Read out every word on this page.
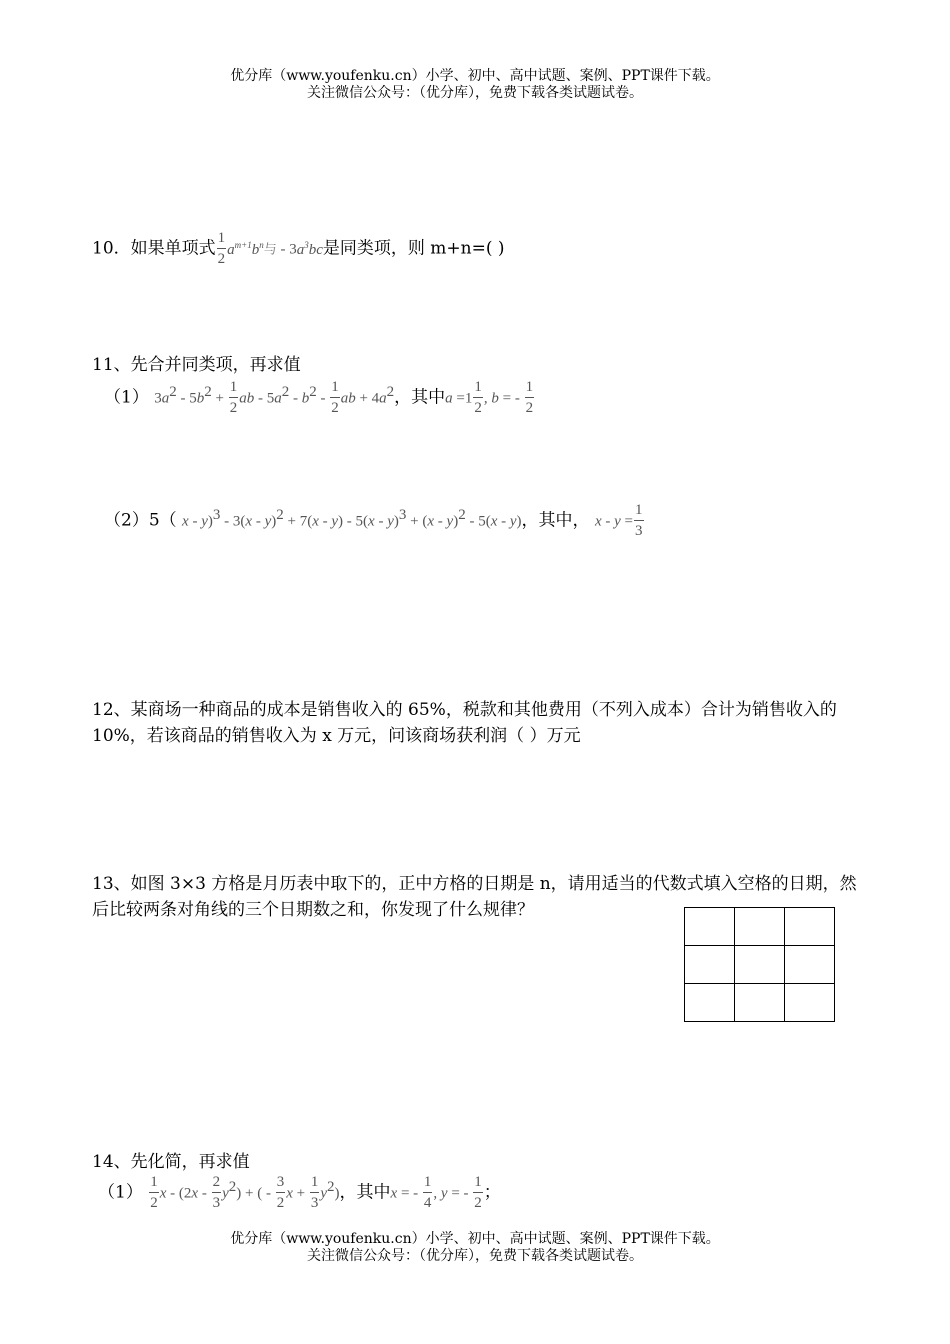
优分库（www.youfenku.cn）小学、初中、高中试题、案例、PPT课件下载。
关注微信公众号：（优分库），免费下载各类试题试卷。
10．如果单项式 $\frac{1}{2} a^{m+1}b^n$与 - $3a^3bc$是同类项，则 m+n=( )
11、先合并同类项，再求值
（1） $3a^2 - 5b^2 + \frac{1}{2}$ ab - $5a^2 - b^2 - \frac{1}{2}$ ab + $4a^2$，其中$a =1 \frac{1}{2}$ , b = - $\frac{1}{2}$
（2）5（ x - y)$^3$ - 3(x - y)$^2$ + 7(x - y) - 5(x - y)$^3$ + (x - y)$^2$ - 5(x - y)，其中， $x - y = \frac{1}{3}$
12、某商场一种商品的成本是销售收入的 65%，税款和其他费用（不列入成本）合计为销售收入的 10%，若该商品的销售收入为 x 万元，问该商场获利润（ ）万元
13、如图 3×3 方格是月历表中取下的，正中方格的日期是 n，请用适当的代数式填入空格的日期，然后比较两条对角线的三个日期数之和，你发现了什么规律？

14、先化简，再求值
$(1) \frac{1}{2}$ x - $(2x - \frac{2}{3} y^2)$ + ( - $\frac{3}{2}$ $x + \frac{1}{3} y^2$)，其中x = - $\frac{1}{4}$ , y = - $\frac{1}{2}$ ；
优分库（www.youfenku.cn）小学、初中、高中试题、案例、PPT课件下载。
关注微信公众号：（优分库），免费下载各类试题试卷。
